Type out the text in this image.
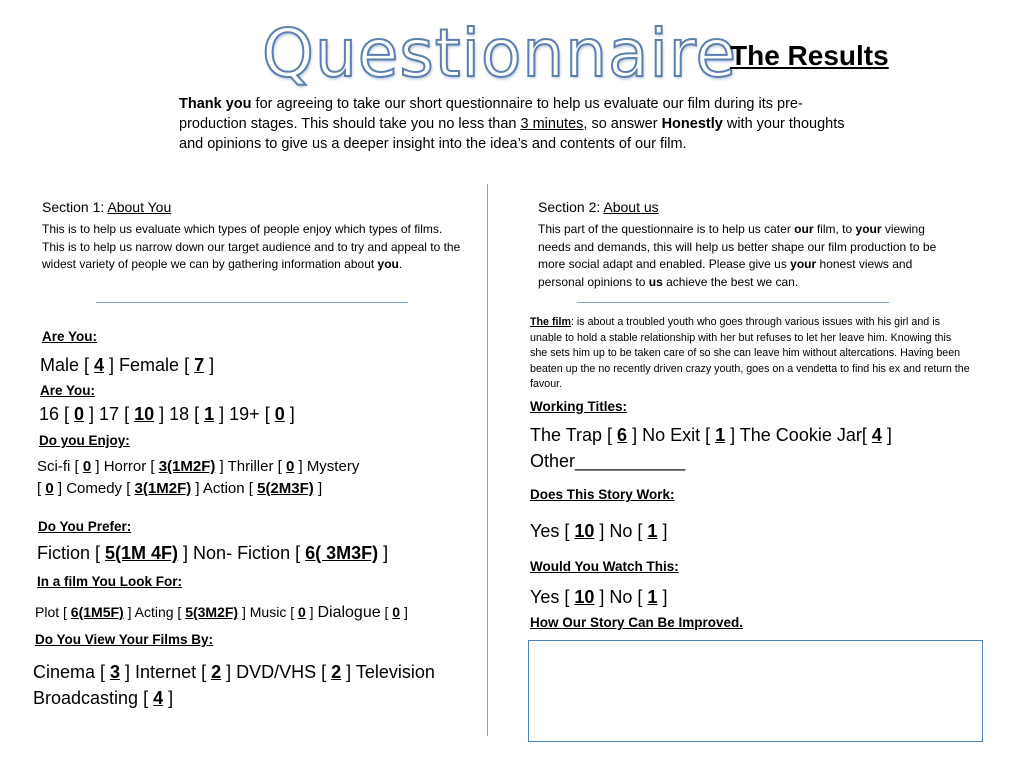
Questionnaire
The Results
Thank you for agreeing to take our short questionnaire to help us evaluate our film during its pre-production stages. This should take you no less than 3 minutes, so answer Honestly with your thoughts and opinions to give us a deeper insight into the idea’s and contents of our film.
Section 1: About You
This is to help us evaluate which types of people enjoy which types of films. This is to help us narrow down our target audience and to try and appeal to the widest variety of people we can by gathering information about you.
Are You:
Male [ 4 ] Female [ 7 ]
Are You:
16 [ 0 ] 17 [ 10 ] 18 [ 1 ] 19+ [ 0 ]
Do you Enjoy:
Sci-fi [ 0 ] Horror [ 3(1M2F) ] Thriller [ 0 ] Mystery
[ 0 ] Comedy [ 3(1M2F) ] Action [ 5(2M3F) ]
Do You Prefer:
Fiction [ 5(1M 4F) ] Non- Fiction [ 6( 3M3F) ]
In a film You Look For:
Plot [ 6(1M5F) ] Acting [ 5(3M2F) ] Music [ 0 ] Dialogue [ 0 ]
Do You View Your Films By:
Cinema [ 3 ] Internet [ 2 ] DVD/VHS [ 2 ] Television
Broadcasting [ 4 ]
Section 2: About us
This part of the questionnaire is to help us cater our film, to your viewing needs and demands, this will help us better shape our film production to be more social adapt and enabled. Please give us your honest views and personal opinions to us achieve the best we can.
The film: is about a troubled youth who goes through various issues with his girl and is unable to hold a stable relationship with her but refuses to let her leave him. Knowing this she sets him up to be taken care of so she can leave him without altercations. Having been beaten up the no recently driven crazy youth, goes on a vendetta to find his ex and return the favour.
Working Titles:
The Trap [ 6 ] No Exit [ 1 ] The Cookie Jar[ 4 ]
Other___________
Does This Story Work:
Yes [ 10 ] No [ 1 ]
Would You Watch This:
Yes [ 10 ] No [ 1 ]
How Our Story Can Be Improved.
